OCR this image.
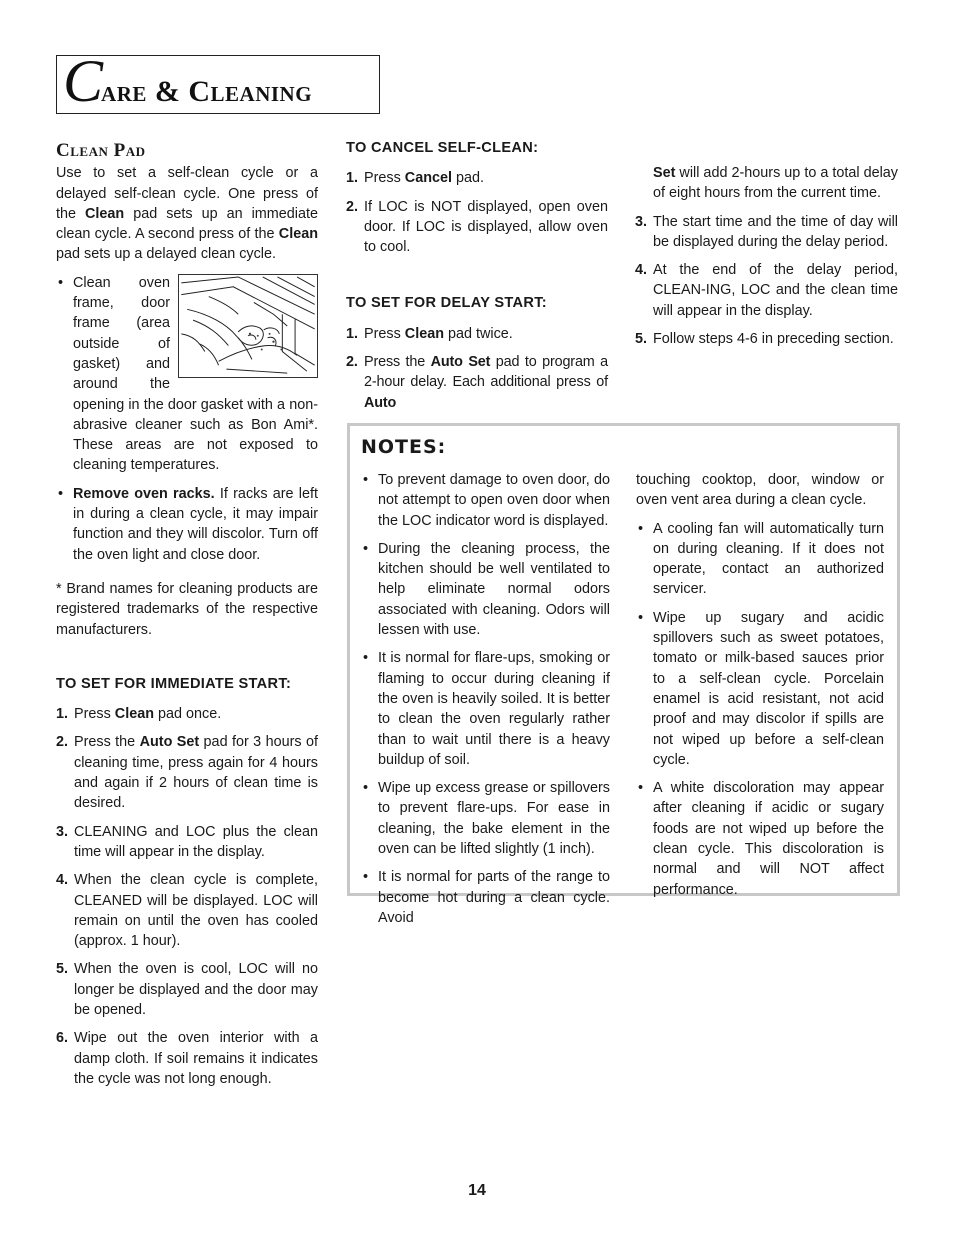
Care & Cleaning
Clean Pad

Use to set a self-clean cycle or a delayed self-clean cycle. One press of the Clean pad sets up an immediate clean cycle. A second press of the Clean pad sets up a delayed clean cycle.

• Clean oven frame, door frame (area outside of gasket) and around the opening in the door gasket with a non-abrasive cleaner such as Bon Ami*. These areas are not exposed to cleaning temperatures.
• Remove oven racks. If racks are left in during a clean cycle, it may impair function and they will discolor. Turn off the oven light and close door.

* Brand names for cleaning products are registered trademarks of the respective manufacturers.

TO SET FOR IMMEDIATE START:
1. Press Clean pad once.
2. Press the Auto Set pad for 3 hours of cleaning time, press again for 4 hours and again if 2 hours of clean time is desired.
3. CLEANING and LOC plus the clean time will appear in the display.
4. When the clean cycle is complete, CLEANED will be displayed. LOC will remain on until the oven has cooled (approx. 1 hour).
5. When the oven is cool, LOC will no longer be displayed and the door may be opened.
6. Wipe out the oven interior with a damp cloth. If soil remains it indicates the cycle was not long enough.
TO CANCEL SELF-CLEAN:
1. Press Cancel pad.
2. If LOC is NOT displayed, open oven door. If LOC is displayed, allow oven to cool.
TO SET FOR DELAY START:
1. Press Clean pad twice.
2. Press the Auto Set pad to program a 2-hour delay. Each additional press of Auto
Set will add 2-hours up to a total delay of eight hours from the current time.
3. The start time and the time of day will be displayed during the delay period.
4. At the end of the delay period, CLEAN-ING, LOC and the clean time will appear in the display.
5. Follow steps 4-6 in preceding section.
NOTES:
• To prevent damage to oven door, do not attempt to open oven door when the LOC indicator word is displayed.
• During the cleaning process, the kitchen should be well ventilated to help eliminate normal odors associated with cleaning. Odors will lessen with use.
• It is normal for flare-ups, smoking or flaming to occur during cleaning if the oven is heavily soiled. It is better to clean the oven regularly rather than to wait until there is a heavy buildup of soil.
• Wipe up excess grease or spillovers to prevent flare-ups. For ease in cleaning, the bake element in the oven can be lifted slightly (1 inch).
• It is normal for parts of the range to become hot during a clean cycle. Avoid

touching cooktop, door, window or oven vent area during a clean cycle.

• A cooling fan will automatically turn on during cleaning. If it does not operate, contact an authorized servicer.
• Wipe up sugary and acidic spillovers such as sweet potatoes, tomato or milk-based sauces prior to a self-clean cycle. Porcelain enamel is acid resistant, not acid proof and may discolor if spills are not wiped up before a self-clean cycle.
• A white discoloration may appear after cleaning if acidic or sugary foods are not wiped up before the clean cycle. This discoloration is normal and will NOT affect performance.
14
